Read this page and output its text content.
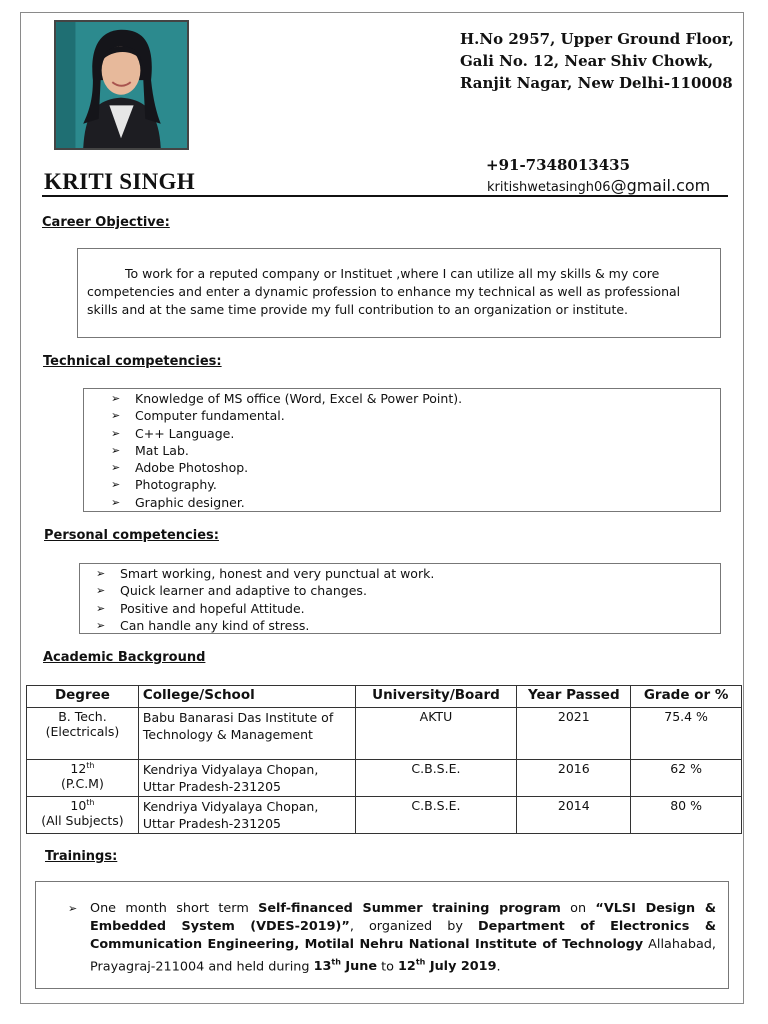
H.No 2957, Upper Ground Floor,
Gali No. 12, Near Shiv Chowk,
Ranjit Nagar, New Delhi-110008
+91-7348013435
kritishwetasingh06@gmail.com
KRITI SINGH
Career Objective:

To work for a reputed company or Instituet ,where I can utilize all my skills & my core competencies and enter a dynamic profession to enhance my technical as well as professional skills and at the same time provide my full contribution to an organization or institute.

Technical competencies:
➢ Knowledge of MS office (Word, Excel & Power Point).
➢ Computer fundamental.
➢ C++ Language.
➢ Mat Lab.
➢ Adobe Photoshop.
➢ Photography.
➢ Graphic designer.
Personal competencies:
➢ Smart working, honest and very punctual at work.
➢ Quick learner and adaptive to changes.
➢ Positive and hopeful Attitude.
➢ Can handle any kind of stress.
Academic Background
Degree	College/School	University/Board	Year Passed	Grade or %

B. Tech.
(Electricals)	Babu Banarasi Das Institute of Technology & Management	AKTU	2021	75.4 %

12th
(P.C.M)	Kendriya Vidyalaya Chopan, Uttar Pradesh-231205	C.B.S.E.	2016	62 %

10th
(All Subjects)	Kendriya Vidyalaya Chopan, Uttar Pradesh-231205	C.B.S.E.	2014	80 %
Trainings:
➢ One month short term Self-financed Summer training program on “VLSI Design & Embedded System (VDES-2019)”, organized by Department of Electronics & Communication Engineering, Motilal Nehru National Institute of Technology Allahabad, Prayagraj-211004 and held during 13th June to 12th July 2019.
